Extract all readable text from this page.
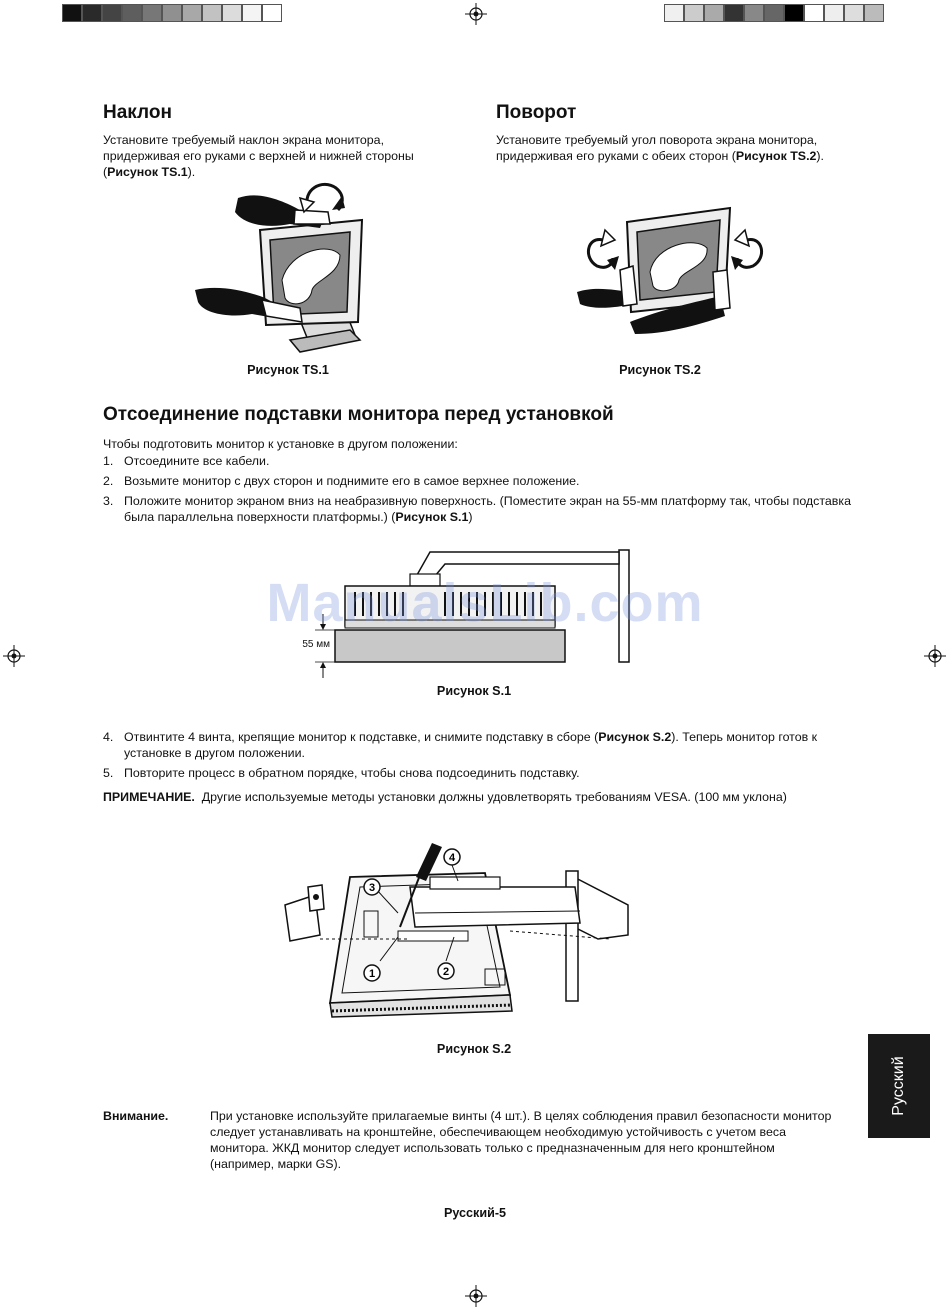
Наклон

Установите требуемый наклон экрана монитора, придерживая его руками с верхней и нижней стороны (Рисунок TS.1).

Поворот

Установите требуемый угол поворота экрана монитора, придерживая его руками с обеих сторон (Рисунок TS.2).

Рисунок TS.1	Рисунок TS.2
Отсоединение подставки монитора перед установкой

Чтобы подготовить монитор к установке в другом положении:

1. Отсоедините все кабели.
2. Возьмите монитор с двух сторон и поднимите его в самое верхнее положение.
3. Положите монитор экраном вниз на неабразивную поверхность. (Поместите экран на 55-мм платформу так, чтобы подставка была параллельна поверхности платформы.) (Рисунок S.1)
55 мм
ManualsLib.com
Рисунок S.1
4. Отвинтите 4 винта, крепящие монитор к подставке, и снимите подставку в сборе (Рисунок S.2). Теперь монитор готов к установке в другом положении.
5. Повторите процесс в обратном порядке, чтобы снова подсоединить подставку.
ПРИМЕЧАНИЕ. Другие используемые методы установки должны удовлетворять требованиям VESA. (100 мм уклона)
3
1	2
4
Рисунок S.2
Русский
Внимание.	При установке используйте прилагаемые винты (4 шт.). В целях соблюдения правил безопасности монитор следует устанавливать на кронштейне, обеспечивающем необходимую устойчивость с учетом веса монитора. ЖКД монитор следует использовать только с предназначенным для него кронштейном (например, марки GS).
Русский-5
